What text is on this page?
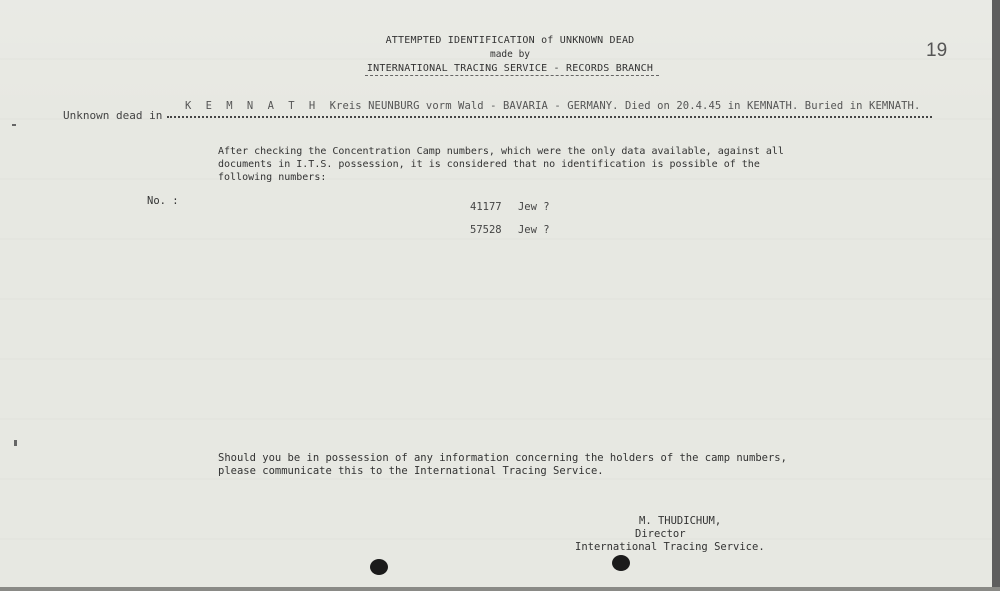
ATTEMPTED IDENTIFICATION of UNKNOWN DEAD
made by
INTERNATIONAL TRACING SERVICE - RECORDS BRANCH
19
Unknown dead in
K E M N A T H Kreis NEUNBURG vorm Wald - BAVARIA - GERMANY. Died on 20.4.45 in KEMNATH. Buried in KEMNATH.
After checking the Concentration Camp numbers, which were the only data available, against all
documents in I.T.S. possession, it is considered that no identification is possible of the
following numbers:
No. :	41177 Jew ?
57528 Jew ?
Should you be in possession of any information concerning the holders of the camp numbers,
please communicate this to the International Tracing Service.
M. THUDICHUM,
Director
International Tracing Service.
